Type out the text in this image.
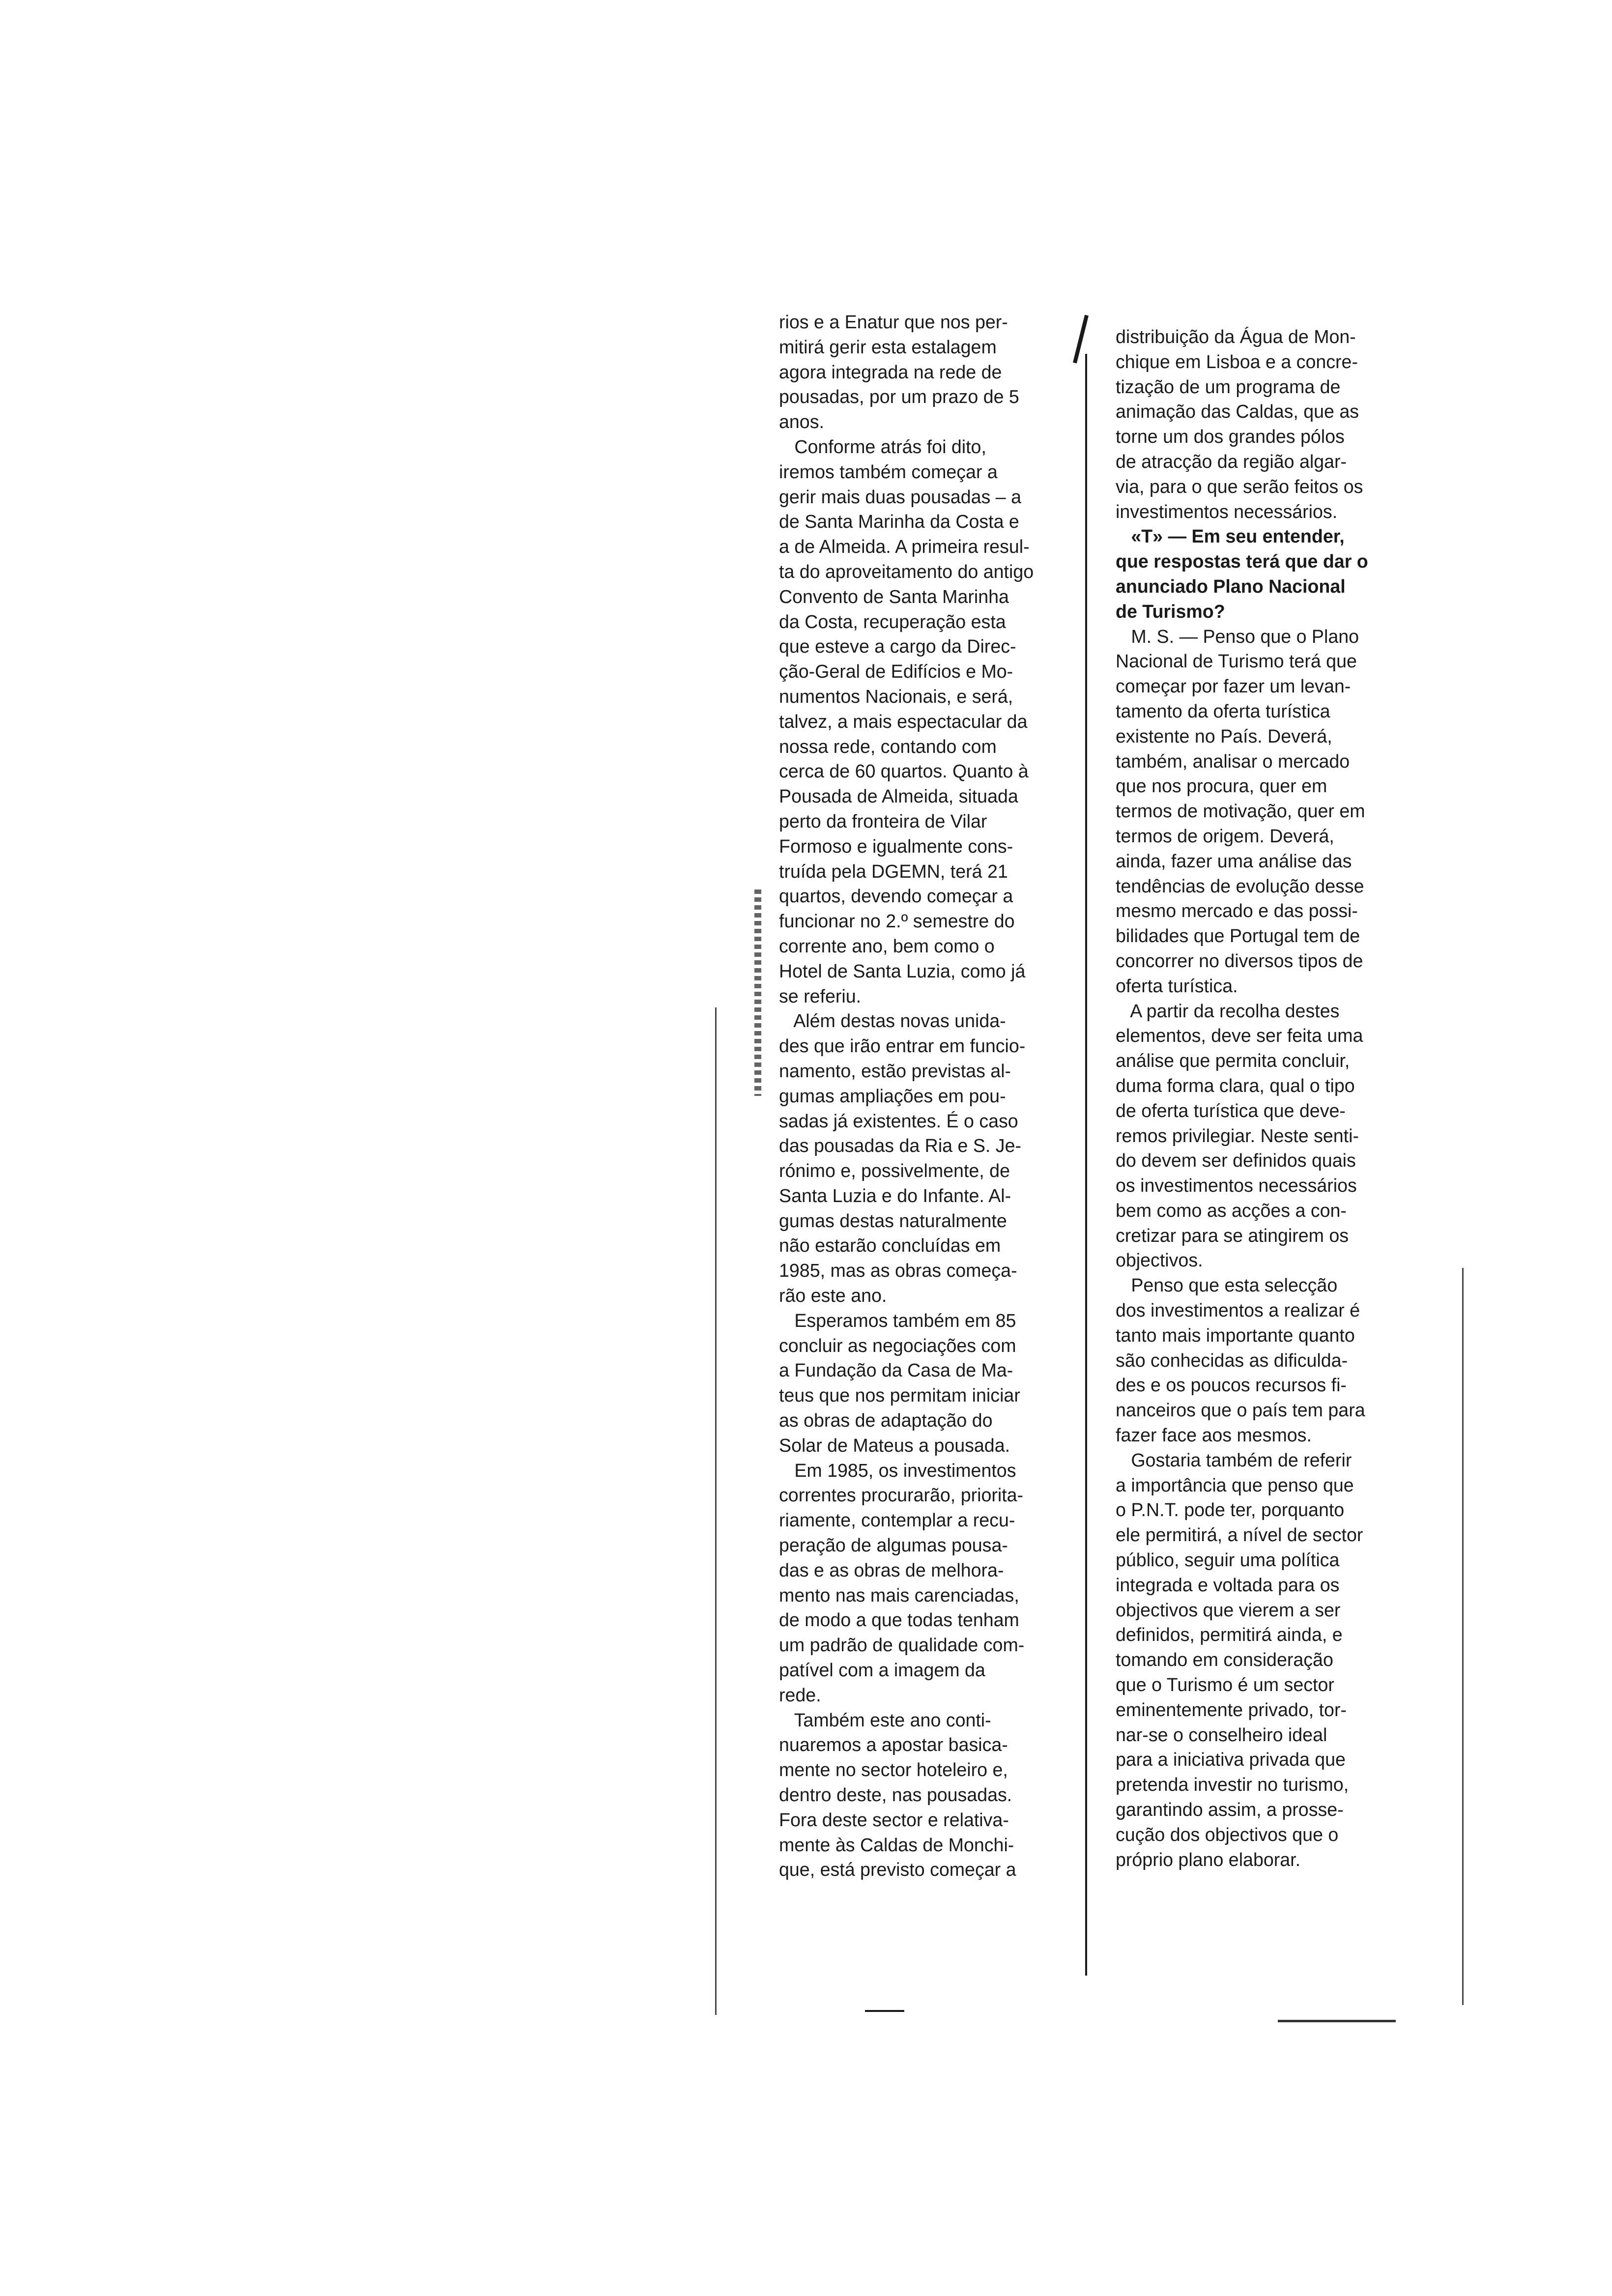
rios e a Enatur que nos per-
mitirá gerir esta estalagem
agora integrada na rede de
pousadas, por um prazo de 5
anos.
Conforme atrás foi dito,
iremos também começar a
gerir mais duas pousadas – a
de Santa Marinha da Costa e
a de Almeida. A primeira resul-
ta do aproveitamento do antigo
Convento de Santa Marinha
da Costa, recuperação esta
que esteve a cargo da Direc-
ção-Geral de Edifícios e Mo-
numentos Nacionais, e será,
talvez, a mais espectacular da
nossa rede, contando com
cerca de 60 quartos. Quanto à
Pousada de Almeida, situada
perto da fronteira de Vilar
Formoso e igualmente cons-
truída pela DGEMN, terá 21
quartos, devendo começar a
funcionar no 2.º semestre do
corrente ano, bem como o
Hotel de Santa Luzia, como já
se referiu.
Além destas novas unida-
des que irão entrar em funcio-
namento, estão previstas al-
gumas ampliações em pou-
sadas já existentes. É o caso
das pousadas da Ria e S. Je-
rónimo e, possivelmente, de
Santa Luzia e do Infante. Al-
gumas destas naturalmente
não estarão concluídas em
1985, mas as obras começa-
rão este ano.
Esperamos também em 85
concluir as negociações com
a Fundação da Casa de Ma-
teus que nos permitam iniciar
as obras de adaptação do
Solar de Mateus a pousada.
Em 1985, os investimentos
correntes procurarão, priorita-
riamente, contemplar a recu-
peração de algumas pousa-
das e as obras de melhora-
mento nas mais carenciadas,
de modo a que todas tenham
um padrão de qualidade com-
patível com a imagem da
rede.
Também este ano conti-
nuaremos a apostar basica-
mente no sector hoteleiro e,
dentro deste, nas pousadas.
Fora deste sector e relativa-
mente às Caldas de Monchi-
que, está previsto começar a
distribuição da Água de Mon-
chique em Lisboa e a concre-
tização de um programa de
animação das Caldas, que as
torne um dos grandes pólos
de atracção da região algar-
via, para o que serão feitos os
investimentos necessários.
«T» — Em seu entender,
que respostas terá que dar o
anunciado Plano Nacional
de Turismo?
M. S. — Penso que o Plano
Nacional de Turismo terá que
começar por fazer um levan-
tamento da oferta turística
existente no País. Deverá,
também, analisar o mercado
que nos procura, quer em
termos de motivação, quer em
termos de origem. Deverá,
ainda, fazer uma análise das
tendências de evolução desse
mesmo mercado e das possi-
bilidades que Portugal tem de
concorrer no diversos tipos de
oferta turística.
A partir da recolha destes
elementos, deve ser feita uma
análise que permita concluir,
duma forma clara, qual o tipo
de oferta turística que deve-
remos privilegiar. Neste senti-
do devem ser definidos quais
os investimentos necessários
bem como as acções a con-
cretizar para se atingirem os
objectivos.
Penso que esta selecção
dos investimentos a realizar é
tanto mais importante quanto
são conhecidas as dificulda-
des e os poucos recursos fi-
nanceiros que o país tem para
fazer face aos mesmos.
Gostaria também de referir
a importância que penso que
o P.N.T. pode ter, porquanto
ele permitirá, a nível de sector
público, seguir uma política
integrada e voltada para os
objectivos que vierem a ser
definidos, permitirá ainda, e
tomando em consideração
que o Turismo é um sector
eminentemente privado, tor-
nar-se o conselheiro ideal
para a iniciativa privada que
pretenda investir no turismo,
garantindo assim, a prosse-
cução dos objectivos que o
próprio plano elaborar.
